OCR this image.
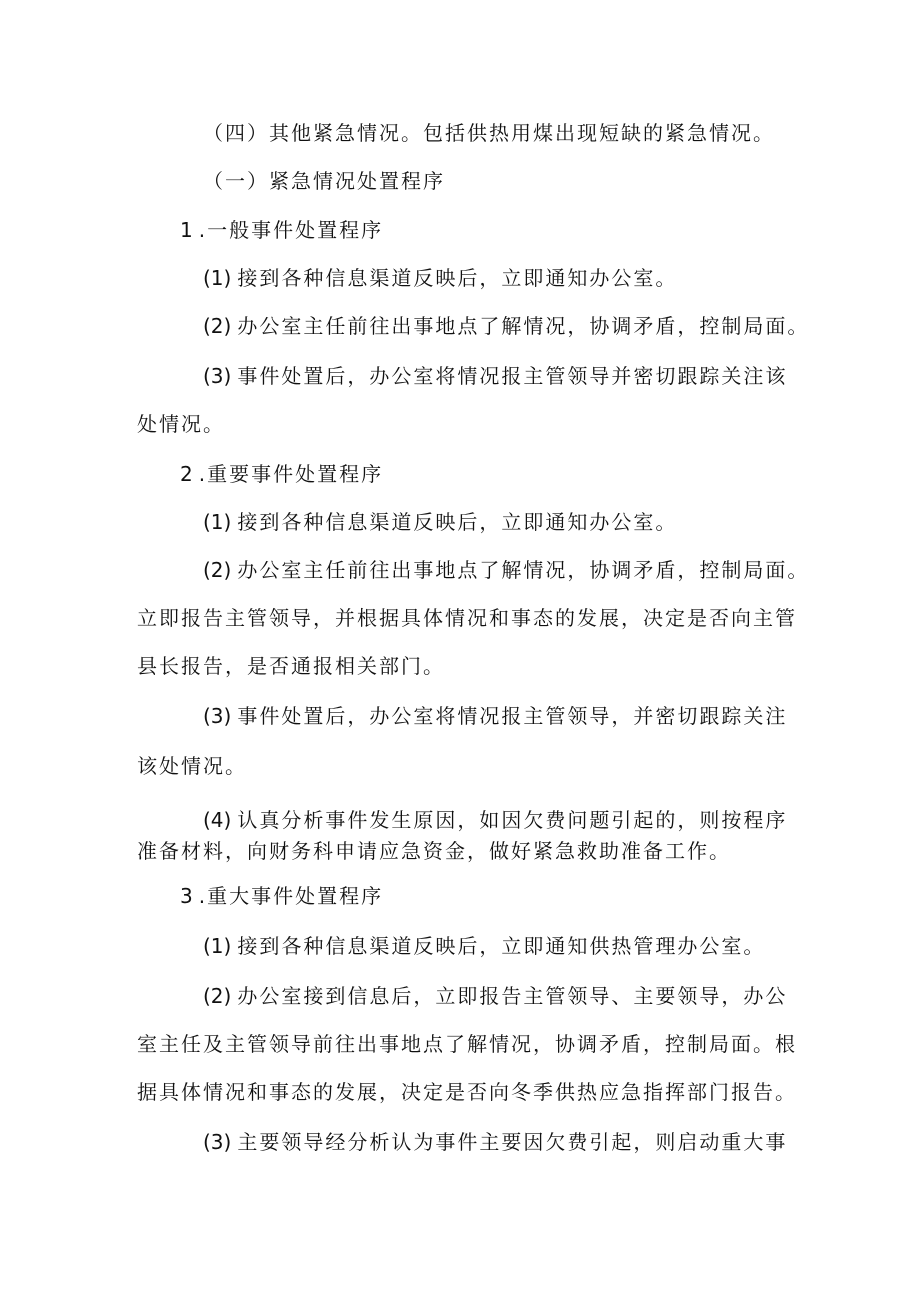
（四）其他紧急情况。包括供热用煤出现短缺的紧急情况。

（一）紧急情况处置程序

1 .一般事件处置程序

(1) 接到各种信息渠道反映后，立即通知办公室。

(2) 办公室主任前往出事地点了解情况，协调矛盾，控制局面。

(3) 事件处置后，办公室将情况报主管领导并密切跟踪关注该

处情况。

2 .重要事件处置程序

(1) 接到各种信息渠道反映后，立即通知办公室。

(2) 办公室主任前往出事地点了解情况，协调矛盾，控制局面。

立即报告主管领导，并根据具体情况和事态的发展，决定是否向主管

县长报告，是否通报相关部门。

(3) 事件处置后，办公室将情况报主管领导，并密切跟踪关注

该处情况。

(4) 认真分析事件发生原因，如因欠费问题引起的，则按程序

准备材料，向财务科申请应急资金，做好紧急救助准备工作。

3 .重大事件处置程序

(1) 接到各种信息渠道反映后，立即通知供热管理办公室。

(2) 办公室接到信息后，立即报告主管领导、主要领导，办公

室主任及主管领导前往出事地点了解情况，协调矛盾，控制局面。根

据具体情况和事态的发展，决定是否向冬季供热应急指挥部门报告。

(3) 主要领导经分析认为事件主要因欠费引起，则启动重大事
